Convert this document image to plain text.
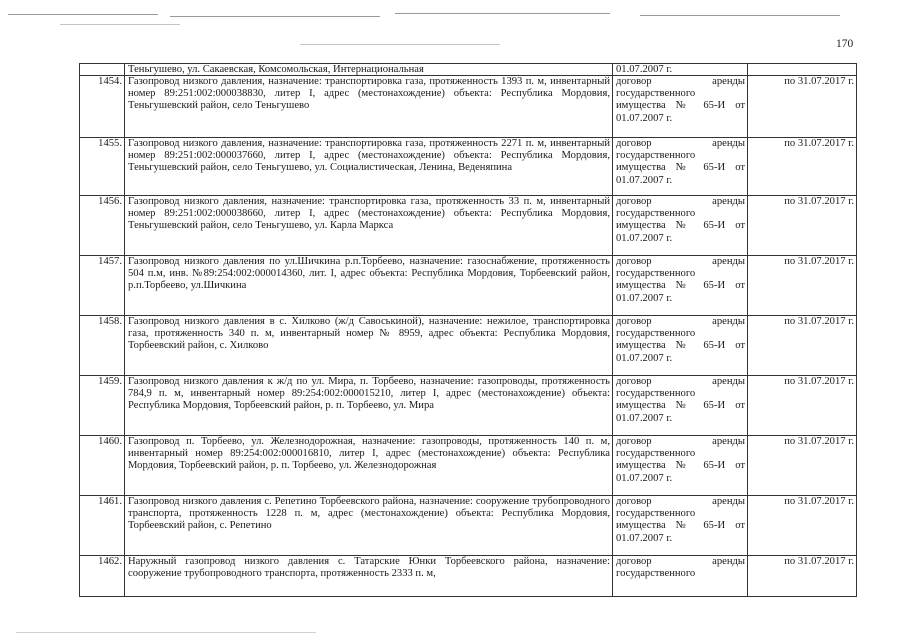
170
	Теньгушево, ул. Сакаевская, Комсомольская, Интернациональная	01.07.2007 г.	
1454.	Газопровод низкого давления, назначение: транспортировка газа, протяженность 1393 п. м, инвентарный номер 89:251:002:000038830, литер I, адрес (местонахождение) объекта: Республика Мордовия, Теньгушевский район, село Теньгушево	договор аренды государственного имущества № 65-И от 01.07.2007 г.	по 31.07.2017 г.
1455.	Газопровод низкого давления, назначение: транспортировка газа, протяженность 2271 п. м, инвентарный номер 89:251:002:000037660, литер I, адрес (местонахождение) объекта: Республика Мордовия, Теньгушевский район, село Теньгушево, ул. Социалистическая, Ленина, Веденяпина	договор аренды государственного имущества № 65-И от 01.07.2007 г.	по 31.07.2017 г.
1456.	Газопровод низкого давления, назначение: транспортировка газа, протяженность 33 п. м, инвентарный номер 89:251:002:000038660, литер I, адрес (местонахождение) объекта: Республика Мордовия, Теньгушевский район, село Теньгушево, ул. Карла Маркса	договор аренды государственного имущества № 65-И от 01.07.2007 г.	по 31.07.2017 г.
1457.	Газопровод низкого давления по ул.Шичкина р.п.Торбеево, назначение: газоснабжение, протяженность 504 п.м, инв. №89:254:002:000014360, лит. I, адрес объекта: Республика Мордовия, Торбеевский район, р.п.Торбеево, ул.Шичкина	договор аренды государственного имущества № 65-И от 01.07.2007 г.	по 31.07.2017 г.
1458.	Газопровод низкого давления в с. Хилково (ж/д Савоськиной), назначение: нежилое, транспортировка газа, протяженность 340 п. м, инвентарный номер № 8959, адрес объекта: Республика Мордовия, Торбеевский район, с. Хилково	договор аренды государственного имущества № 65-И от 01.07.2007 г.	по 31.07.2017 г.
1459.	Газопровод низкого давления к ж/д по ул. Мира, п. Торбеево, назначение: газопроводы, протяженность 784,9 п. м, инвентарный номер 89:254:002:000015210, литер I, адрес (местонахождение) объекта: Республика Мордовия, Торбеевский район, р. п. Торбеево, ул. Мира	договор аренды государственного имущества № 65-И от 01.07.2007 г.	по 31.07.2017 г.
1460.	Газопровод п. Торбеево, ул. Железнодорожная, назначение: газопроводы, протяженность 140 п. м, инвентарный номер 89:254:002:000016810, литер I, адрес (местонахождение) объекта: Республика Мордовия, Торбеевский район, р. п. Торбеево, ул. Железнодорожная	договор аренды государственного имущества № 65-И от 01.07.2007 г.	по 31.07.2017 г.
1461.	Газопровод низкого давления с. Репетино Торбеевского района, назначение: сооружение трубопроводного транспорта, протяженность 1228 п. м, адрес (местонахождение) объекта: Республика Мордовия, Торбеевский район, с. Репетино	договор аренды государственного имущества № 65-И от 01.07.2007 г.	по 31.07.2017 г.
1462.	Наружный газопровод низкого давления с. Татарские Юнки Торбеевского района, назначение: сооружение трубопроводного транспорта, протяженность 2333 п. м,	договор аренды государственного	по 31.07.2017 г.
